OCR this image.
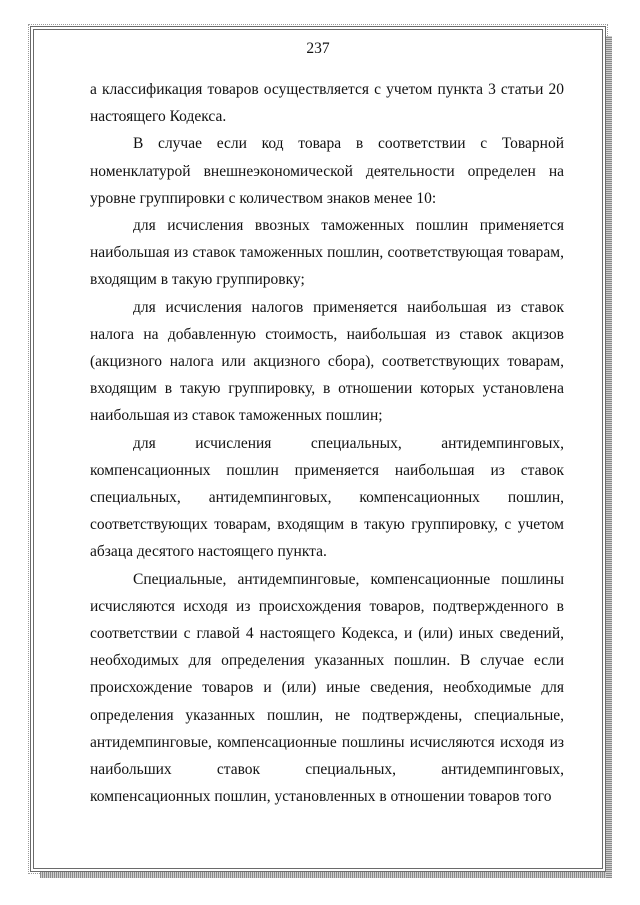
237

а классификация товаров осуществляется с учетом пункта 3 статьи 20 настоящего Кодекса.

В случае если код товара в соответствии с Товарной номенклатурой внешнеэкономической деятельности определен на уровне группировки с количеством знаков менее 10:

для исчисления ввозных таможенных пошлин применяется наибольшая из ставок таможенных пошлин, соответствующая товарам, входящим в такую группировку;

для исчисления налогов применяется наибольшая из ставок налога на добавленную стоимость, наибольшая из ставок акцизов (акцизного налога или акцизного сбора), соответствующих товарам, входящим в такую группировку, в отношении которых установлена наибольшая из ставок таможенных пошлин;

для исчисления специальных, антидемпинговых, компенсационных пошлин применяется наибольшая из ставок специальных, антидемпинговых, компенсационных пошлин, соответствующих товарам, входящим в такую группировку, с учетом абзаца десятого настоящего пункта.

Специальные, антидемпинговые, компенсационные пошлины исчисляются исходя из происхождения товаров, подтвержденного в соответствии с главой 4 настоящего Кодекса, и (или) иных сведений, необходимых для определения указанных пошлин. В случае если происхождение товаров и (или) иные сведения, необходимые для определения указанных пошлин, не подтверждены, специальные, антидемпинговые, компенсационные пошлины исчисляются исходя из наибольших ставок специальных, антидемпинговых, компенсационных пошлин, установленных в отношении товаров того
